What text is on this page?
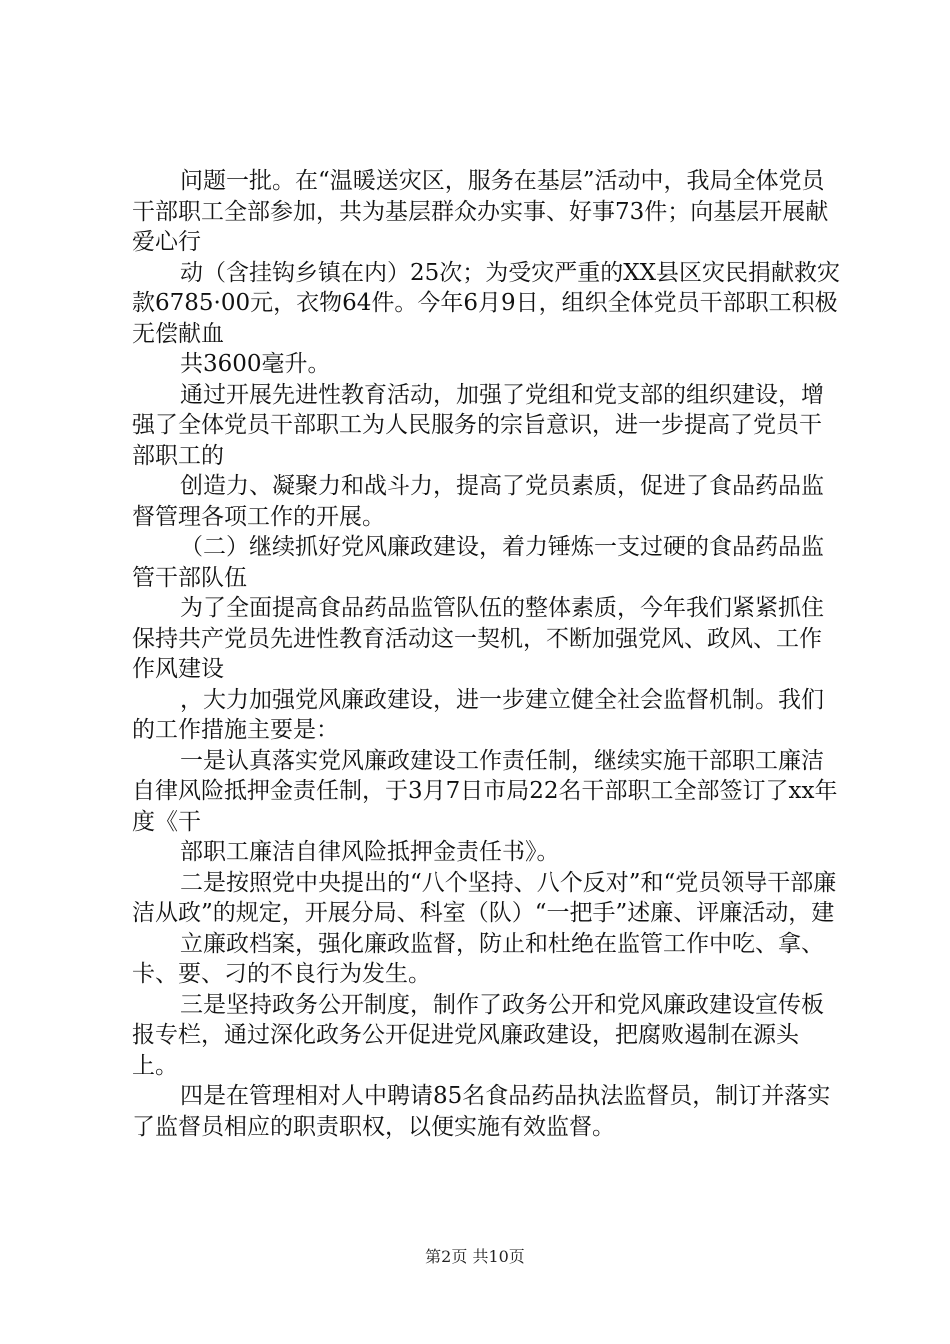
问题一批。在“温暖送灾区，服务在基层”活动中，我局全体党员干部职工全部参加，共为基层群众办实事、好事73件；向基层开展献爱心行

动（含挂钩乡镇在内）25次；为受灾严重的XX县区灾民捐献救灾款6785·00元，衣物64件。今年6月9日，组织全体党员干部职工积极无偿献血

共3600毫升。

通过开展先进性教育活动，加强了党组和党支部的组织建设，增强了全体党员干部职工为人民服务的宗旨意识，进一步提高了党员干部职工的

创造力、凝聚力和战斗力，提高了党员素质，促进了食品药品监督管理各项工作的开展。

（二）继续抓好党风廉政建设，着力锤炼一支过硬的食品药品监管干部队伍

为了全面提高食品药品监管队伍的整体素质，今年我们紧紧抓住保持共产党员先进性教育活动这一契机，不断加强党风、政风、工作作风建设

，大力加强党风廉政建设，进一步建立健全社会监督机制。我们的工作措施主要是：

一是认真落实党风廉政建设工作责任制，继续实施干部职工廉洁自律风险抵押金责任制，于3月7日市局22名干部职工全部签订了xx年度《干

部职工廉洁自律风险抵押金责任书》。

二是按照党中央提出的“八个坚持、八个反对”和“党员领导干部廉洁从政”的规定，开展分局、科室（队）“一把手”述廉、评廉活动，建

立廉政档案，强化廉政监督，防止和杜绝在监管工作中吃、拿、卡、要、刁的不良行为发生。

三是坚持政务公开制度，制作了政务公开和党风廉政建设宣传板报专栏，通过深化政务公开促进党风廉政建设，把腐败遏制在源头上。

四是在管理相对人中聘请85名食品药品执法监督员，制订并落实了监督员相应的职责职权，以便实施有效监督。

第2页 共10页
